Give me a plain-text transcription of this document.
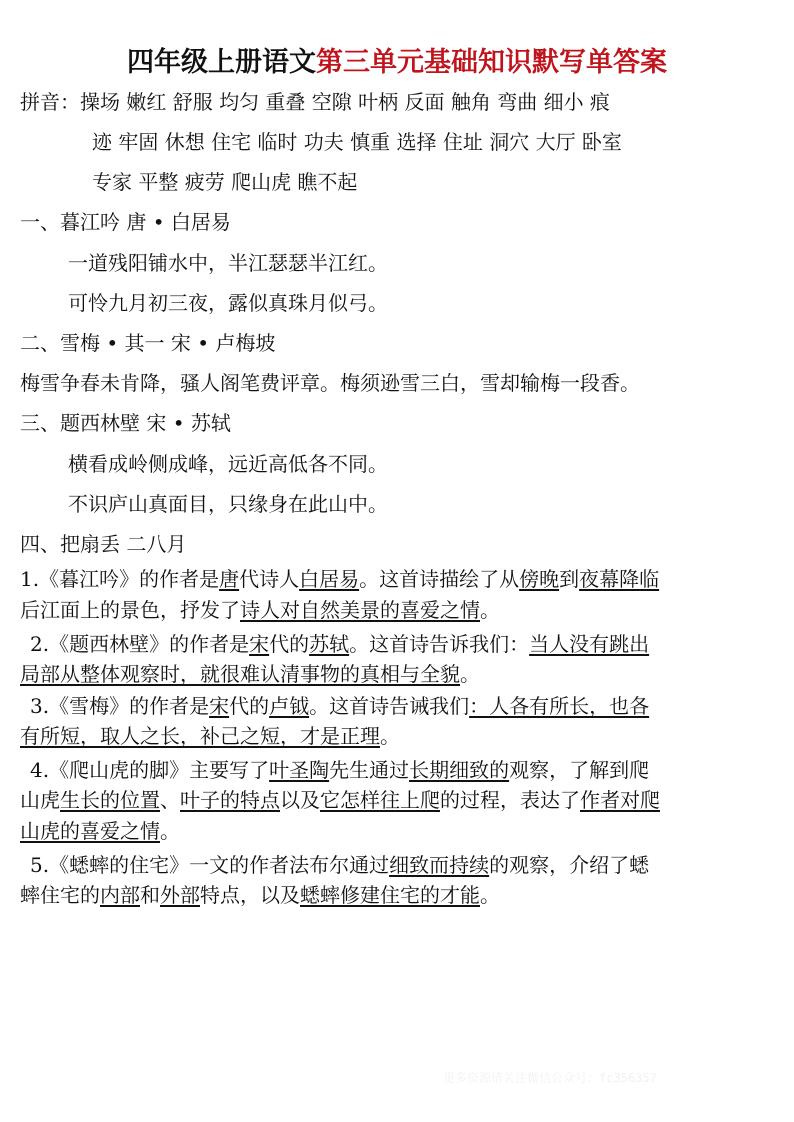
四年级上册语文第三单元基础知识默写单答案
拼音：操场 嫩红 舒服 均匀 重叠 空隙 叶柄 反面 触角 弯曲 细小 痕
迹 牢固 休想 住宅 临时 功夫 慎重 选择 住址 洞穴 大厅 卧室
专家 平整 疲劳 爬山虎 瞧不起
一、暮江吟 唐 • 白居易
一道残阳铺水中，半江瑟瑟半江红。
可怜九月初三夜，露似真珠月似弓。
二、雪梅 • 其一 宋 • 卢梅坡
梅雪争春未肯降，骚人阁笔费评章。梅须逊雪三白，雪却输梅一段香。
三、题西林壁 宋 • 苏轼
横看成岭侧成峰，远近高低各不同。
不识庐山真面目，只缘身在此山中。
四、把扇丢 二八月
1.《暮江吟》的作者是唐代诗人白居易。这首诗描绘了从傍晚到夜幕降临
后江面上的景色，抒发了诗人对自然美景的喜爱之情。
2.《题西林壁》的作者是宋代的苏轼。这首诗告诉我们：当人没有跳出
局部从整体观察时，就很难认清事物的真相与全貌。
3.《雪梅》的作者是宋代的卢钺。这首诗告诫我们：人各有所长，也各
有所短，取人之长，补己之短，才是正理。
4.《爬山虎的脚》主要写了叶圣陶先生通过长期细致的观察，了解到爬
山虎生长的位置、叶子的特点以及它怎样往上爬的过程，表达了作者对爬
山虎的喜爱之情。
5.《蟋蟀的住宅》一文的作者法布尔通过细致而持续的观察，介绍了蟋
蟀住宅的内部和外部特点，以及蟋蟀修建住宅的才能。
更多资源请关注微信公众号：fc356357
